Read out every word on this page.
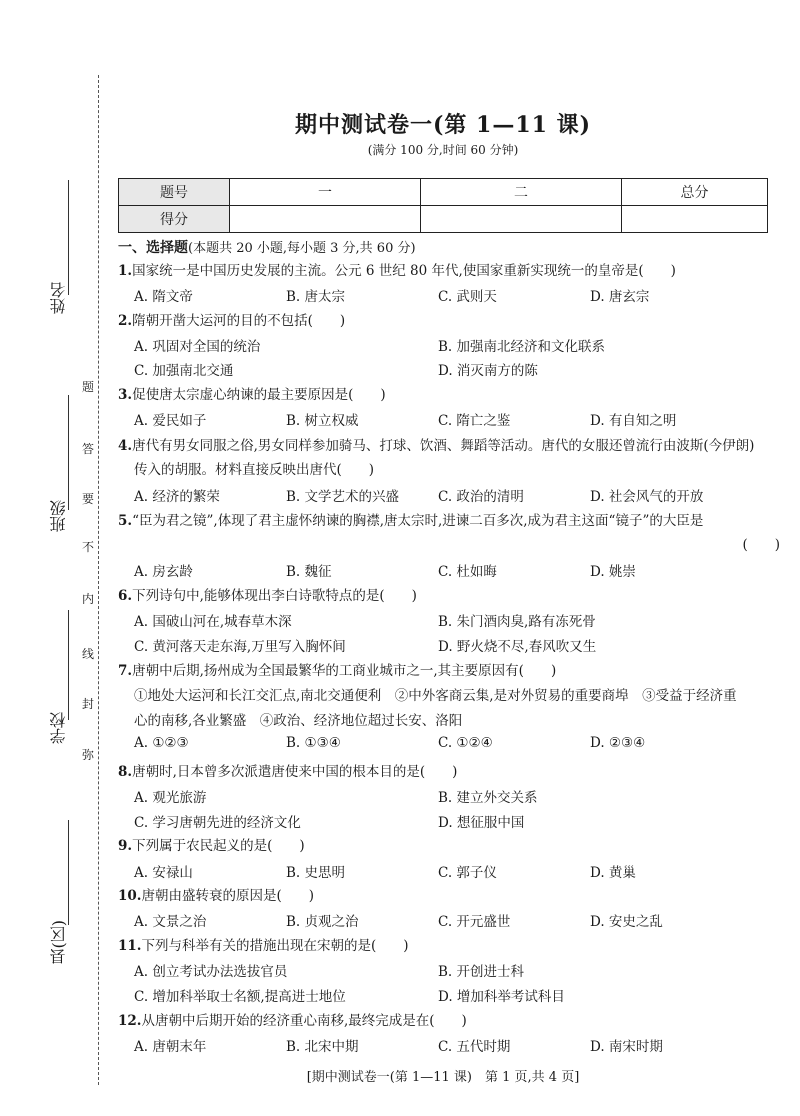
姓名
班级
学校
县(区)
题
答
要
不
内
线
封
弥
期中测试卷一(第 1—11 课)
(满分 100 分,时间 60 分钟)
题号	一	二	总分
得分			
一、选择题(本题共 20 小题,每小题 3 分,共 60 分)
1.国家统一是中国历史发展的主流。公元 6 世纪 80 年代,使国家重新实现统一的皇帝是(　　)
A. 隋文帝	B. 唐太宗	C. 武则天	D. 唐玄宗
2.隋朝开凿大运河的目的不包括(　　)
A. 巩固对全国的统治	B. 加强南北经济和文化联系
C. 加强南北交通	D. 消灭南方的陈
3.促使唐太宗虚心纳谏的最主要原因是(　　)
A. 爱民如子	B. 树立权威	C. 隋亡之鉴	D. 有自知之明
4.唐代有男女同服之俗,男女同样参加骑马、打球、饮酒、舞蹈等活动。唐代的女服还曾流行由波斯(今伊朗)
传入的胡服。材料直接反映出唐代(　　)
A. 经济的繁荣	B. 文学艺术的兴盛	C. 政治的清明	D. 社会风气的开放
5.“臣为君之镜”,体现了君主虚怀纳谏的胸襟,唐太宗时,进谏二百多次,成为君主这面“镜子”的大臣是
(　　)
A. 房玄龄	B. 魏征	C. 杜如晦	D. 姚崇
6.下列诗句中,能够体现出李白诗歌特点的是(　　)
A. 国破山河在,城春草木深	B. 朱门酒肉臭,路有冻死骨
C. 黄河落天走东海,万里写入胸怀间	D. 野火烧不尽,春风吹又生
7.唐朝中后期,扬州成为全国最繁华的工商业城市之一,其主要原因有(　　)
①地处大运河和长江交汇点,南北交通便利　②中外客商云集,是对外贸易的重要商埠　③受益于经济重
心的南移,各业繁盛　④政治、经济地位超过长安、洛阳
A. ①②③	B. ①③④	C. ①②④	D. ②③④
8.唐朝时,日本曾多次派遣唐使来中国的根本目的是(　　)
A. 观光旅游	B. 建立外交关系
C. 学习唐朝先进的经济文化	D. 想征服中国
9.下列属于农民起义的是(　　)
A. 安禄山	B. 史思明	C. 郭子仪	D. 黄巢
10.唐朝由盛转衰的原因是(　　)
A. 文景之治	B. 贞观之治	C. 开元盛世	D. 安史之乱
11.下列与科举有关的措施出现在宋朝的是(　　)
A. 创立考试办法选拔官员	B. 开创进士科
C. 增加科举取士名额,提高进士地位	D. 增加科举考试科目
12.从唐朝中后期开始的经济重心南移,最终完成是在(　　)
A. 唐朝末年	B. 北宋中期	C. 五代时期	D. 南宋时期
[期中测试卷一(第 1—11 课)　第 1 页,共 4 页]
